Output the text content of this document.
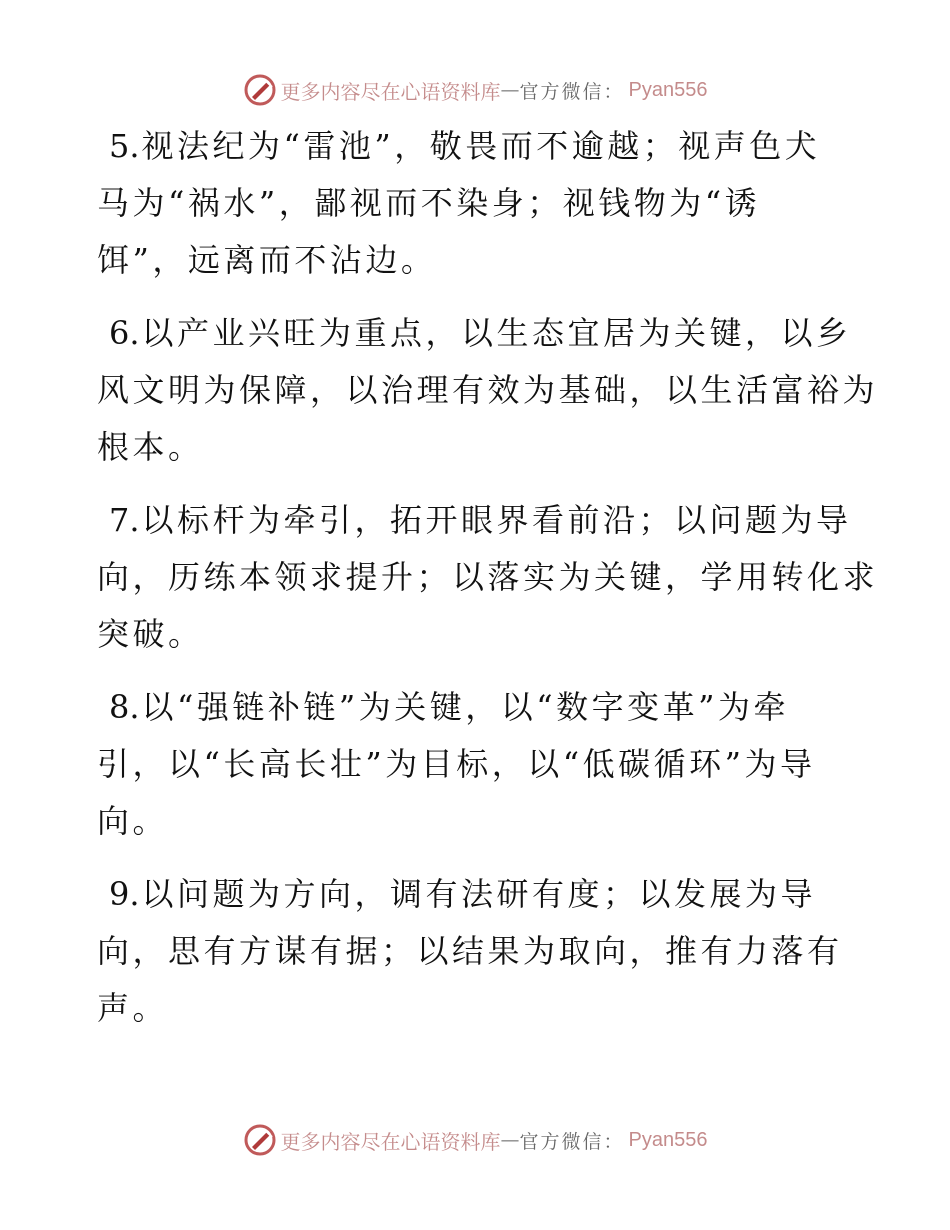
更多内容尽在心语资料库 — 官方微信： Pyan556
5.视法纪为“雷池”，敬畏而不逾越；视声色犬
马为“祸水”，鄙视而不染身；视钱物为“诱
饵”，远离而不沾边。
6.以产业兴旺为重点，以生态宜居为关键，以乡
风文明为保障，以治理有效为基础，以生活富裕为
根本。
7.以标杆为牵引，拓开眼界看前沿；以问题为导
向，历练本领求提升；以落实为关键，学用转化求
突破。
8.以“强链补链”为关键，以“数字变革”为牵
引，以“长高长壮”为目标，以“低碳循环”为导
向。
9.以问题为方向，调有法研有度；以发展为导
向，思有方谋有据；以结果为取向，推有力落有
声。
更多内容尽在心语资料库 — 官方微信： Pyan556
